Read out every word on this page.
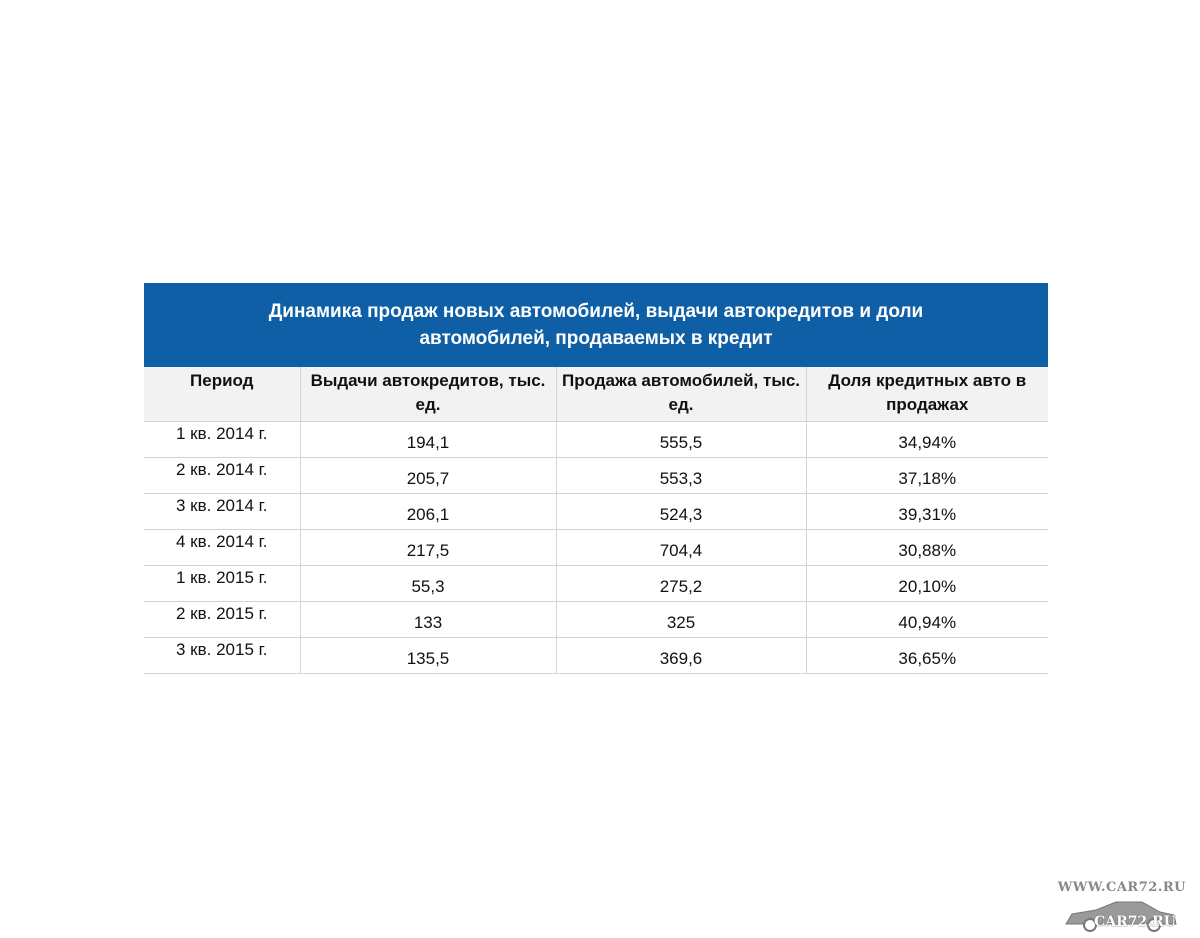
Динамика продаж новых автомобилей, выдачи автокредитов и доли
автомобилей, продаваемых в кредит
Период	Выдачи автокредитов, тыс. ед.	Продажа автомобилей, тыс. ед.	Доля кредитных авто в продажах
1 кв. 2014 г.	194,1	555,5	34,94%
2 кв. 2014 г.	205,7	553,3	37,18%
3 кв. 2014 г.	206,1	524,3	39,31%
4 кв. 2014 г.	217,5	704,4	30,88%
1 кв. 2015 г.	55,3	275,2	20,10%
2 кв. 2015 г.	133	325	40,94%
3 кв. 2015 г.	135,5	369,6	36,65%
WWW.CAR72.RU
CAR72.RU
